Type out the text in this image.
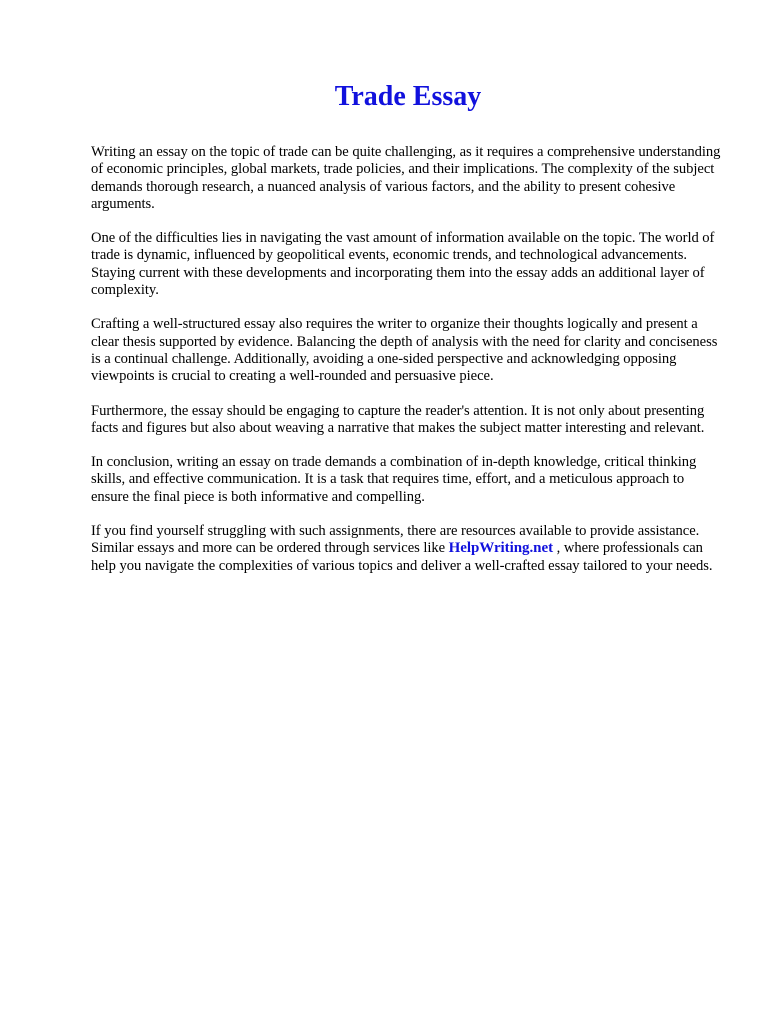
Trade Essay

Writing an essay on the topic of trade can be quite challenging, as it requires a comprehensive understanding of economic principles, global markets, trade policies, and their implications. The complexity of the subject demands thorough research, a nuanced analysis of various factors, and the ability to present cohesive arguments.

One of the difficulties lies in navigating the vast amount of information available on the topic. The world of trade is dynamic, influenced by geopolitical events, economic trends, and technological advancements. Staying current with these developments and incorporating them into the essay adds an additional layer of complexity.

Crafting a well-structured essay also requires the writer to organize their thoughts logically and present a clear thesis supported by evidence. Balancing the depth of analysis with the need for clarity and conciseness is a continual challenge. Additionally, avoiding a one-sided perspective and acknowledging opposing viewpoints is crucial to creating a well-rounded and persuasive piece.

Furthermore, the essay should be engaging to capture the reader's attention. It is not only about presenting facts and figures but also about weaving a narrative that makes the subject matter interesting and relevant.

In conclusion, writing an essay on trade demands a combination of in-depth knowledge, critical thinking skills, and effective communication. It is a task that requires time, effort, and a meticulous approach to ensure the final piece is both informative and compelling.

If you find yourself struggling with such assignments, there are resources available to provide assistance. Similar essays and more can be ordered through services like HelpWriting.net , where professionals can help you navigate the complexities of various topics and deliver a well-crafted essay tailored to your needs.
